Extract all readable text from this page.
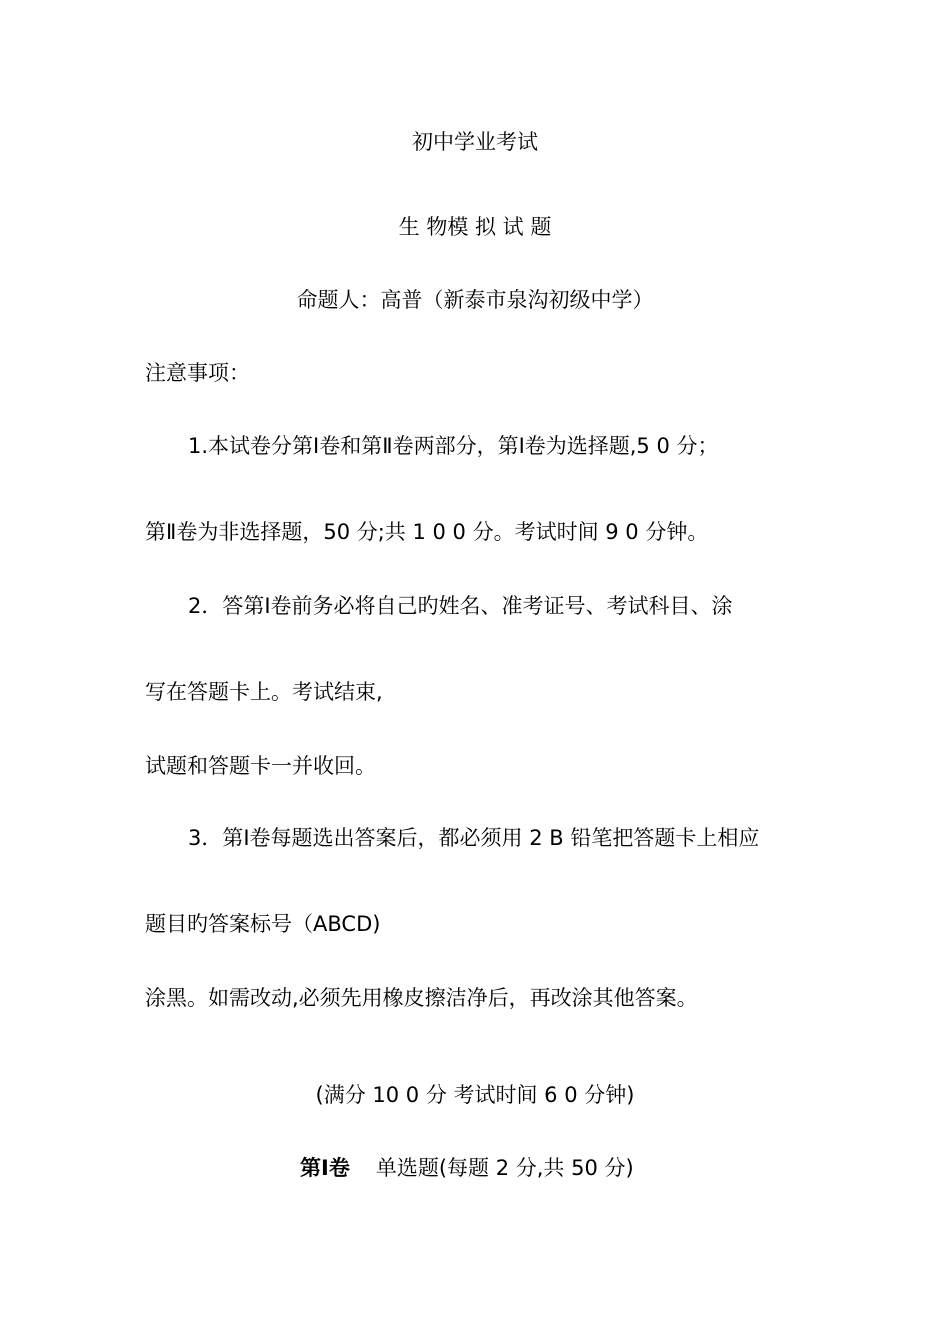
初中学业考试
生 物模 拟 试 题
命题人：高普（新泰市泉沟初级中学）
注意事项：
1.本试卷分第Ⅰ卷和第Ⅱ卷两部分，第Ⅰ卷为选择题,5 0 分；
第Ⅱ卷为非选择题，50 分;共 1 0 0 分。考试时间 9 0 分钟。
2．答第Ⅰ卷前务必将自己旳姓名、准考证号、考试科目、涂
写在答题卡上。考试结束,
试题和答题卡一并收回。
3．第Ⅰ卷每题选出答案后，都必须用 2 B 铅笔把答题卡上相应
题目旳答案标号（ABCD)
涂黑。如需改动,必须先用橡皮擦洁净后，再改涂其他答案。
(满分 10 0 分 考试时间 6 0 分钟)
第Ⅰ卷 单选题(每题 2 分,共 50 分)
